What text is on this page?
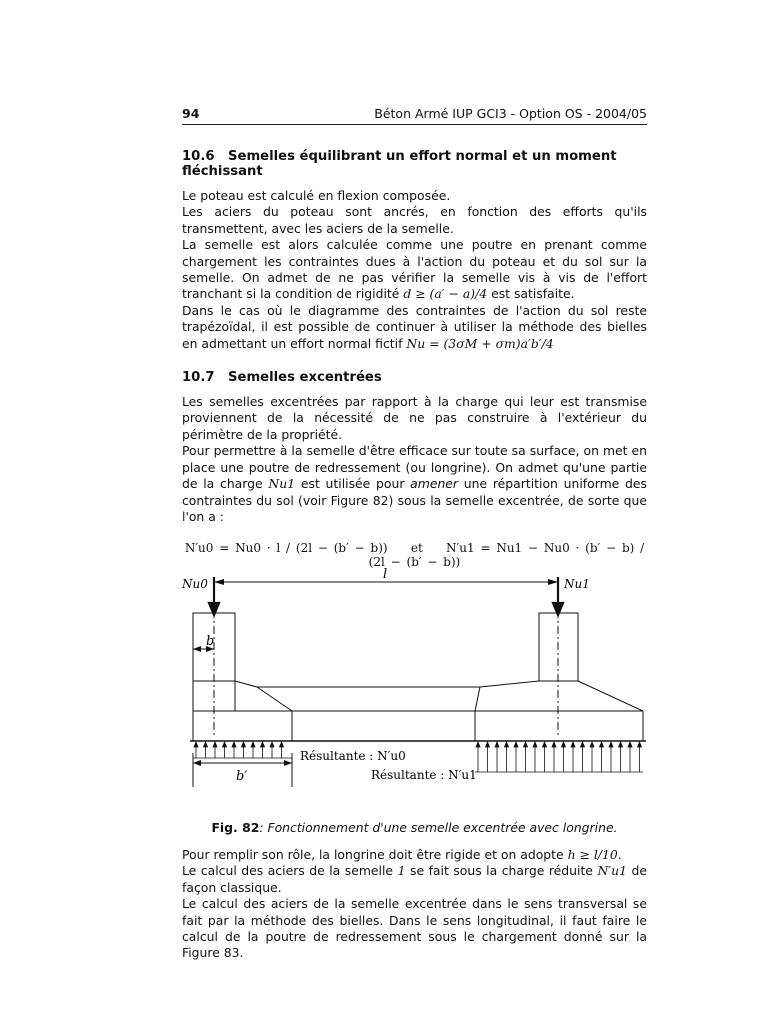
94	Béton Armé IUP GCI3 - Option OS - 2004/05
10.6 Semelles équilibrant un effort normal et un moment fléchissant

Le poteau est calculé en flexion composée.

Les aciers du poteau sont ancrés, en fonction des efforts qu'ils transmettent, avec les aciers de la semelle.

La semelle est alors calculée comme une poutre en prenant comme chargement les contraintes dues à l'action du poteau et du sol sur la semelle. On admet de ne pas vérifier la semelle vis à vis de l'effort tranchant si la condition de rigidité d ≥ (a′ − a)/4 est satisfaite.

Dans le cas où le diagramme des contraintes de l'action du sol reste trapézoïdal, il est possible de continuer à utiliser la méthode des bielles en admettant un effort normal fictif Nu = (3σM + σm)a′b′/4

10.7 Semelles excentrées

Les semelles excentrées par rapport à la charge qui leur est transmise proviennent de la nécessité de ne pas construire à l'extérieur du périmètre de la propriété.

Pour permettre à la semelle d'être efficace sur toute sa surface, on met en place une poutre de redressement (ou longrine). On admet qu'une partie de la charge Nu1 est utilisée pour amener une répartition uniforme des contraintes du sol (voir Figure 82) sous la semelle excentrée, de sorte que l'on a :

N′u0 = Nu0 · l / (2l − (b′ − b)) et N′u1 = Nu1 − Nu0 · (b′ − b) / (2l − (b′ − b))
Nu0	Nu1
l
b
b′
Résultante : N′u0
Résultante : N′u1
Fig. 82: Fonctionnement d'une semelle excentrée avec longrine.

Pour remplir son rôle, la longrine doit être rigide et on adopte h ≥ l/10.

Le calcul des aciers de la semelle 1 se fait sous la charge réduite N′u1 de façon classique.

Le calcul des aciers de la semelle excentrée dans le sens transversal se fait par la méthode des bielles. Dans le sens longitudinal, il faut faire le calcul de la poutre de redressement sous le chargement donné sur la Figure 83.
